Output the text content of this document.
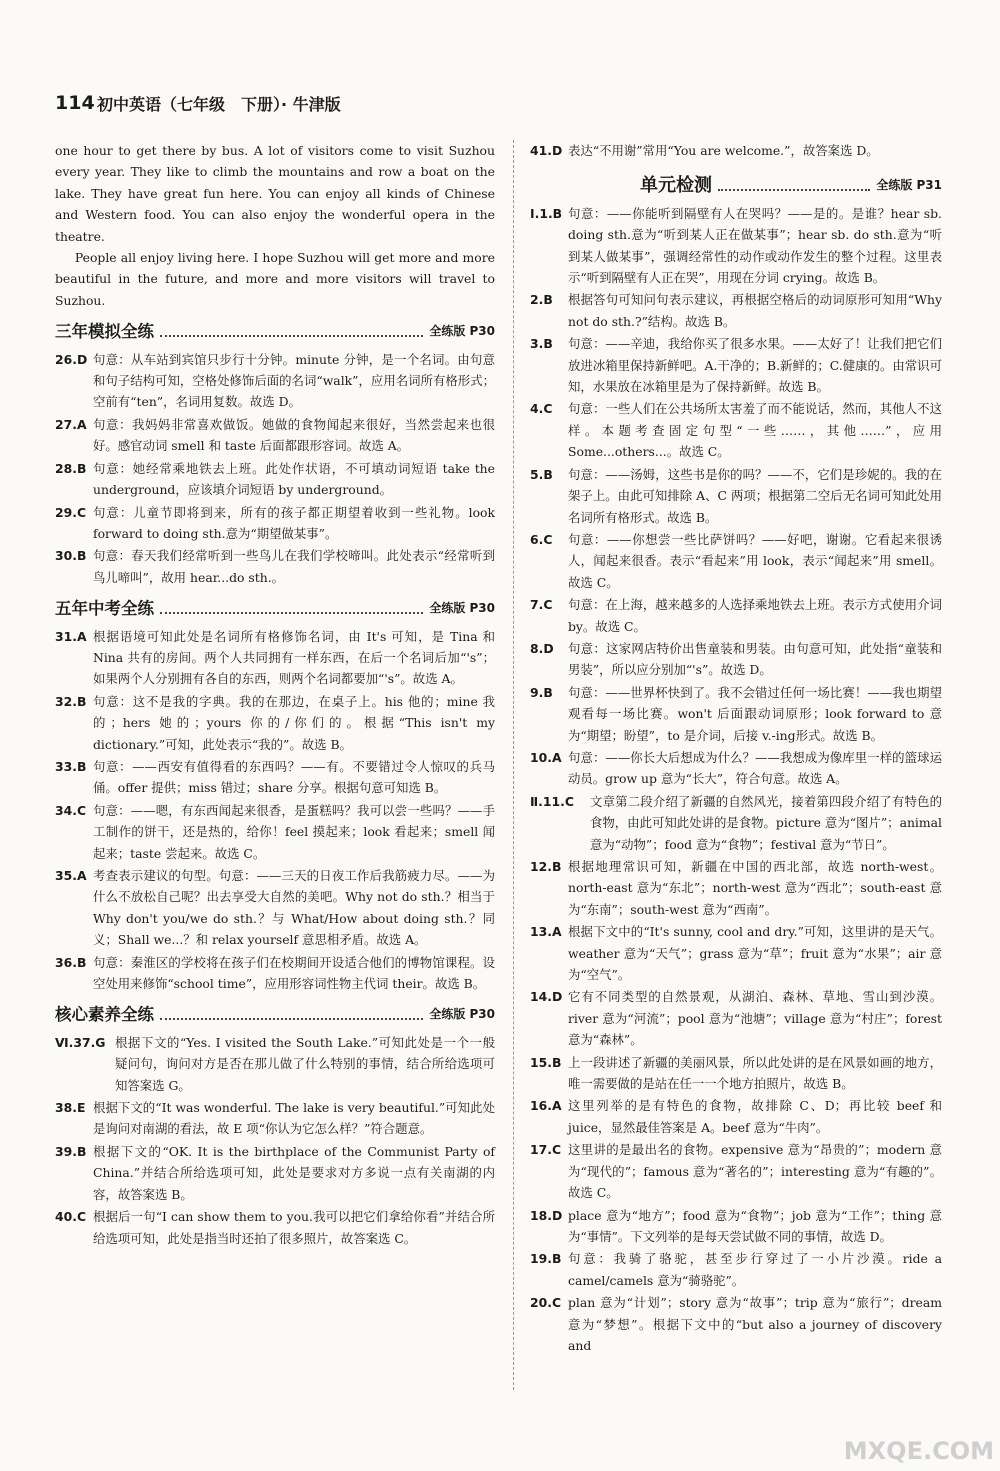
114 初中英语（七年级　下册）· 牛津版

one hour to get there by bus. A lot of visitors come to visit Suzhou every year. They like to climb the mountains and row a boat on the lake. They have great fun here. You can enjoy all kinds of Chinese and Western food. You can also enjoy the wonderful opera in the theatre.

People all enjoy living here. I hope Suzhou will get more and more beautiful in the future, and more and more visitors will travel to Suzhou.

三年模拟全练	全练版 P30
26.D 句意：从车站到宾馆只步行十分钟。minute 分钟，是一个名词。由句意和句子结构可知，空格处修饰后面的名词“walk”，应用名词所有格形式；空前有“ten”，名词用复数。故选 D。
27.A 句意：我妈妈非常喜欢做饭。她做的食物闻起来很好，当然尝起来也很好。感官动词 smell 和 taste 后面都跟形容词。故选 A。
28.B 句意：她经常乘地铁去上班。此处作状语，不可填动词短语 take the underground，应该填介词短语 by underground。
29.C 句意：儿童节即将到来，所有的孩子都正期望着收到一些礼物。look forward to doing sth.意为“期望做某事”。
30.B 句意：春天我们经常听到一些鸟儿在我们学校啼叫。此处表示“经常听到鸟儿啼叫”，故用 hear...do sth.。
五年中考全练	全练版 P30
31.A 根据语境可知此处是名词所有格修饰名词，由 It's 可知，是 Tina 和 Nina 共有的房间。两个人共同拥有一样东西，在后一个名词后加“'s”；如果两个人分别拥有各自的东西，则两个名词都要加“'s”。故选 A。
32.B 句意：这不是我的字典。我的在那边，在桌子上。his 他的；mine 我的；hers 她的；yours 你的/你们的。根据“This isn't my dictionary.”可知，此处表示“我的”。故选 B。
33.B 句意：——西安有值得看的东西吗？——有。不要错过令人惊叹的兵马俑。offer 提供；miss 错过；share 分享。根据句意可知选 B。
34.C 句意：——嗯，有东西闻起来很香，是蛋糕吗？我可以尝一些吗？——手工制作的饼干，还是热的，给你！feel 摸起来；look 看起来；smell 闻起来；taste 尝起来。故选 C。
35.A 考查表示建议的句型。句意：——三天的日夜工作后我筋疲力尽。——为什么不放松自己呢？出去享受大自然的美吧。Why not do sth.？相当于 Why don't you/we do sth.？与 What/How about doing sth.？同义；Shall we...？和 relax yourself 意思相矛盾。故选 A。
36.B 句意：秦淮区的学校将在孩子们在校期间开设适合他们的博物馆课程。设空处用来修饰“school time”，应用形容词性物主代词 their。故选 B。
核心素养全练	全练版 P30
Ⅵ.37.G 根据下文的“Yes. I visited the South Lake.”可知此处是一个一般疑问句，询问对方是否在那儿做了什么特别的事情，结合所给选项可知答案选 G。
38.E 根据下文的“It was wonderful. The lake is very beautiful.”可知此处是询问对南湖的看法，故 E 项“你认为它怎么样？”符合题意。
39.B 根据下文的“OK. It is the birthplace of the Communist Party of China.”并结合所给选项可知，此处是要求对方多说一点有关南湖的内容，故答案选 B。
40.C 根据后一句“I can show them to you.我可以把它们拿给你看”并结合所给选项可知，此处是指当时还拍了很多照片，故答案选 C。
41.D 表达“不用谢”常用“You are welcome.”，故答案选 D。
单元检测	全练版 P31
Ⅰ.1.B 句意：——你能听到隔壁有人在哭吗？——是的。是谁？hear sb. doing sth.意为“听到某人正在做某事”；hear sb. do sth.意为“听到某人做某事”，强调经常性的动作或动作发生的整个过程。这里表示“听到隔壁有人正在哭”，用现在分词 crying。故选 B。
2.B	根据答句可知问句表示建议，再根据空格后的动词原形可知用“Why not do sth.?”结构。故选 B。
3.B	句意：——辛迪，我给你买了很多水果。——太好了！让我们把它们放进冰箱里保持新鲜吧。A.干净的；B.新鲜的；C.健康的。由常识可知，水果放在冰箱里是为了保持新鲜。故选 B。
4.C	句意：一些人们在公共场所太害羞了而不能说话，然而，其他人不这样。本题考查固定句型“一些……，其他……”，应用 Some...others...。故选 C。
5.B	句意：——汤姆，这些书是你的吗？——不，它们是珍妮的。我的在架子上。由此可知排除 A、C 两项；根据第二空后无名词可知此处用名词所有格形式。故选 B。
6.C	句意：——你想尝一些比萨饼吗？——好吧，谢谢。它看起来很诱人，闻起来很香。表示“看起来”用 look，表示“闻起来”用 smell。故选 C。
7.C	句意：在上海，越来越多的人选择乘地铁去上班。表示方式使用介词 by。故选 C。
8.D	句意：这家网店特价出售童装和男装。由句意可知，此处指“童装和男装”，所以应分别加“'s”。故选 D。
9.B	句意：——世界杯快到了。我不会错过任何一场比赛！——我也期望观看每一场比赛。won't 后面跟动词原形；look forward to 意为“期望；盼望”，to 是介词，后接 v.-ing形式。故选 B。
10.A 句意：——你长大后想成为什么？——我想成为像库里一样的篮球运动员。grow up 意为“长大”，符合句意。故选 A。
Ⅱ.11.C	文章第二段介绍了新疆的自然风光，接着第四段介绍了有特色的食物，由此可知此处讲的是食物。picture 意为“图片”；animal 意为“动物”；food 意为“食物”；festival 意为“节日”。
12.B 根据地理常识可知，新疆在中国的西北部，故选 north-west。north-east 意为“东北”；north-west 意为“西北”；south-east 意为“东南”；south-west 意为“西南”。
13.A 根据下文中的“It's sunny, cool and dry.”可知，这里讲的是天气。weather 意为“天气”；grass 意为“草”；fruit 意为“水果”；air 意为“空气”。
14.D 它有不同类型的自然景观，从湖泊、森林、草地、雪山到沙漠。river 意为“河流”；pool 意为“池塘”；village 意为“村庄”；forest 意为“森林”。
15.B 上一段讲述了新疆的美丽风景，所以此处讲的是在风景如画的地方，唯一需要做的是站在任一一个地方拍照片，故选 B。
16.A 这里列举的是有特色的食物，故排除 C、D；再比较 beef 和 juice，显然最佳答案是 A。beef 意为“牛肉”。
17.C 这里讲的是最出名的食物。expensive 意为“昂贵的”；modern 意为“现代的”；famous 意为“著名的”；interesting 意为“有趣的”。故选 C。
18.D place 意为“地方”；food 意为“食物”；job 意为“工作”；thing 意为“事情”。下文列举的是每天尝试做不同的事情，故选 D。
19.B 句意：我骑了骆驼，甚至步行穿过了一小片沙漠。ride a camel/camels 意为“骑骆驼”。
20.C plan 意为“计划”；story 意为“故事”；trip 意为“旅行”；dream 意为“梦想”。根据下文中的“but also a journey of discovery and
MXQE.COM
